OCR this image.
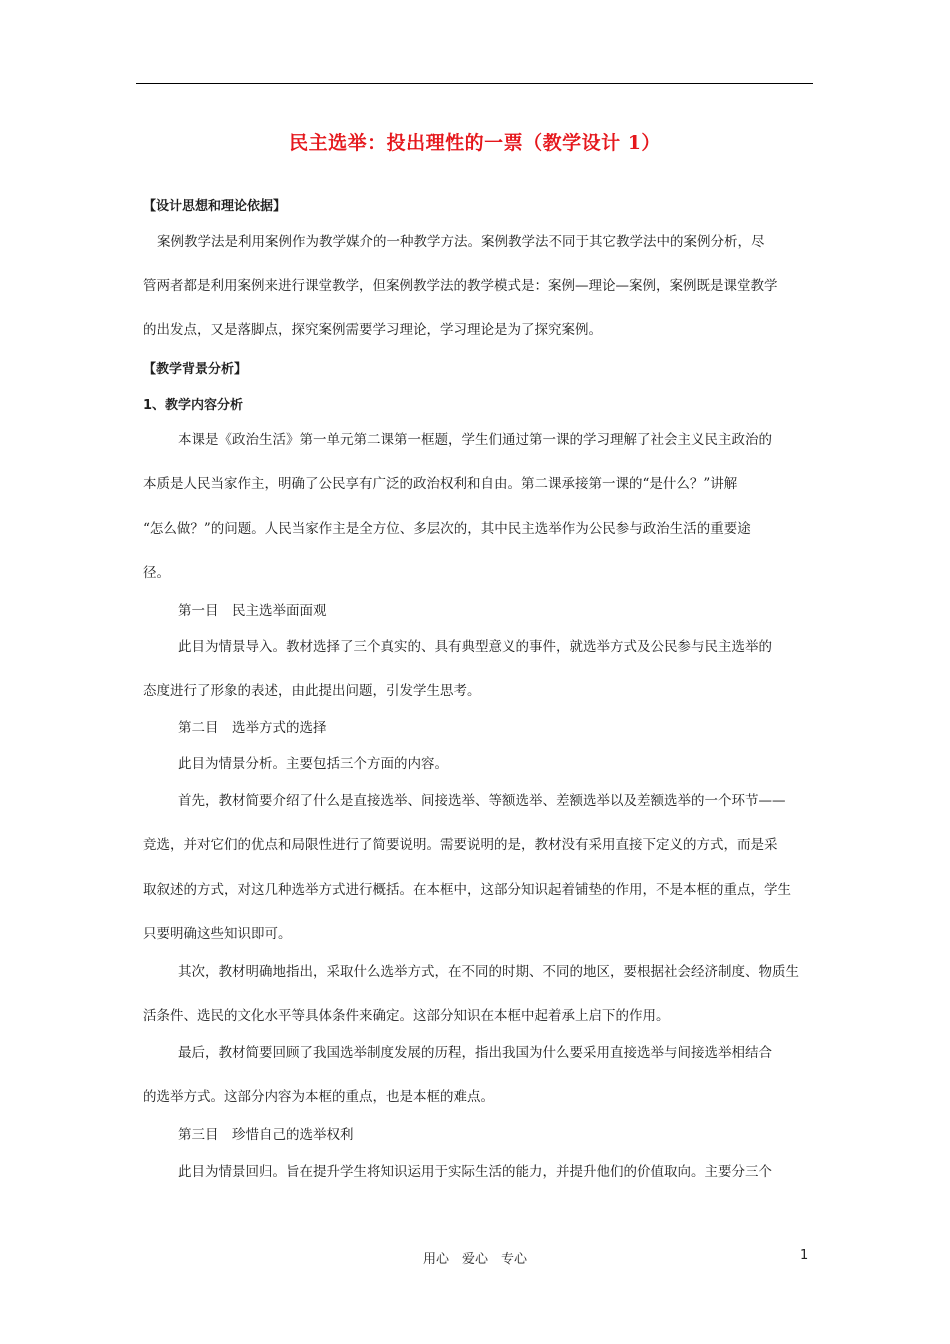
民主选举：投出理性的一票（教学设计 1）
【设计思想和理论依据】
案例教学法是利用案例作为教学媒介的一种教学方法。案例教学法不同于其它教学法中的案例分析，尽
管两者都是利用案例来进行课堂教学，但案例教学法的教学模式是：案例—理论—案例，案例既是课堂教学
的出发点，又是落脚点，探究案例需要学习理论，学习理论是为了探究案例。
【教学背景分析】
1、教学内容分析
本课是《政治生活》第一单元第二课第一框题，学生们通过第一课的学习理解了社会主义民主政治的
本质是人民当家作主，明确了公民享有广泛的政治权利和自由。第二课承接第一课的“是什么？”讲解
“怎么做？”的问题。人民当家作主是全方位、多层次的，其中民主选举作为公民参与政治生活的重要途
径。
第一目　民主选举面面观
此目为情景导入。教材选择了三个真实的、具有典型意义的事件，就选举方式及公民参与民主选举的
态度进行了形象的表述，由此提出问题，引发学生思考。
第二目　选举方式的选择
此目为情景分析。主要包括三个方面的内容。
首先，教材简要介绍了什么是直接选举、间接选举、等额选举、差额选举以及差额选举的一个环节——
竞选，并对它们的优点和局限性进行了简要说明。需要说明的是，教材没有采用直接下定义的方式，而是采
取叙述的方式，对这几种选举方式进行概括。在本框中，这部分知识起着铺垫的作用，不是本框的重点，学生
只要明确这些知识即可。
其次，教材明确地指出，采取什么选举方式，在不同的时期、不同的地区，要根据社会经济制度、物质生
活条件、选民的文化水平等具体条件来确定。这部分知识在本框中起着承上启下的作用。
最后，教材简要回顾了我国选举制度发展的历程，指出我国为什么要采用直接选举与间接选举相结合
的选举方式。这部分内容为本框的重点，也是本框的难点。
第三目　珍惜自己的选举权利
此目为情景回归。旨在提升学生将知识运用于实际生活的能力，并提升他们的价值取向。主要分三个
用心　爱心　专心	1
